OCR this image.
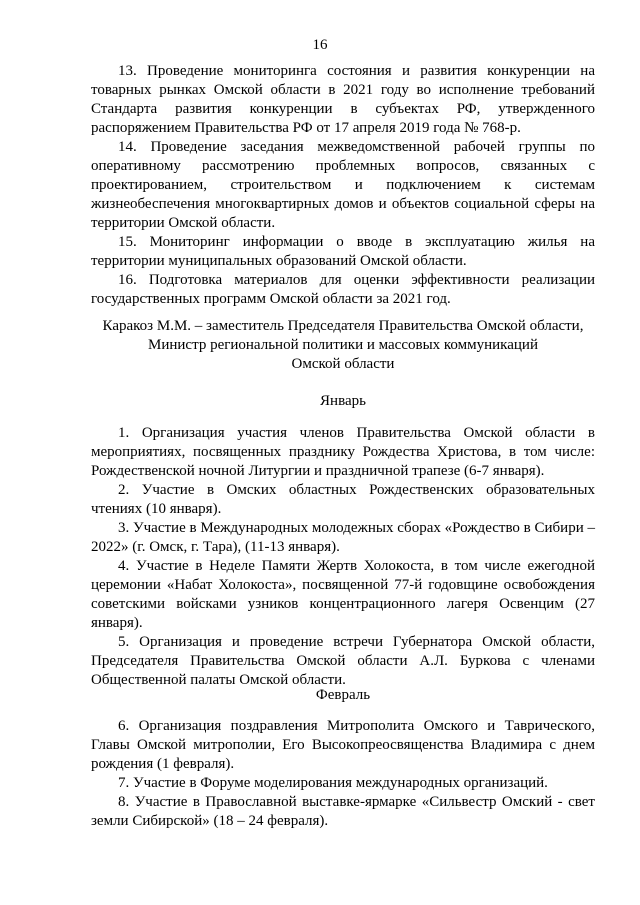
16

13. Проведение мониторинга состояния и развития конкуренции на товарных рынках Омской области в 2021 году во исполнение требований Стандарта развития конкуренции в субъектах РФ, утвержденного распоряжением Правительства РФ от 17 апреля 2019 года № 768-р.

14. Проведение заседания межведомственной рабочей группы по оперативному рассмотрению проблемных вопросов, связанных с проектированием, строительством и подключением к системам жизнеобеспечения многоквартирных домов и объектов социальной сферы на территории Омской области.

15. Мониторинг информации о вводе в эксплуатацию жилья на территории муниципальных образований Омской области.

16. Подготовка материалов для оценки эффективности реализации государственных программ Омской области за 2021 год.

Каракоз М.М. – заместитель Председателя Правительства Омской области,

Министр региональной политики и массовых коммуникаций

Омской области

Январь

1. Организация участия членов Правительства Омской области в мероприятиях, посвященных празднику Рождества Христова, в том числе: Рождественской ночной Литургии и праздничной трапезе (6-7 января).

2. Участие в Омских областных Рождественских образовательных чтениях (10 января).

3. Участие в Международных молодежных сборах «Рождество в Сибири – 2022» (г. Омск, г. Тара), (11-13 января).

4. Участие в Неделе Памяти Жертв Холокоста, в том числе ежегодной церемонии «Набат Холокоста», посвященной 77-й годовщине освобождения советскими войсками узников концентрационного лагеря Освенцим (27 января).

5. Организация и проведение встречи Губернатора Омской области, Председателя Правительства Омской области А.Л. Буркова с членами Общественной палаты Омской области.

Февраль

6. Организация поздравления Митрополита Омского и Таврического, Главы Омской митрополии, Его Высокопреосвященства Владимира с днем рождения (1 февраля).

7. Участие в Форуме моделирования международных организаций.

8. Участие в Православной выставке-ярмарке «Сильвестр Омский - свет земли Сибирской» (18 – 24 февраля).
